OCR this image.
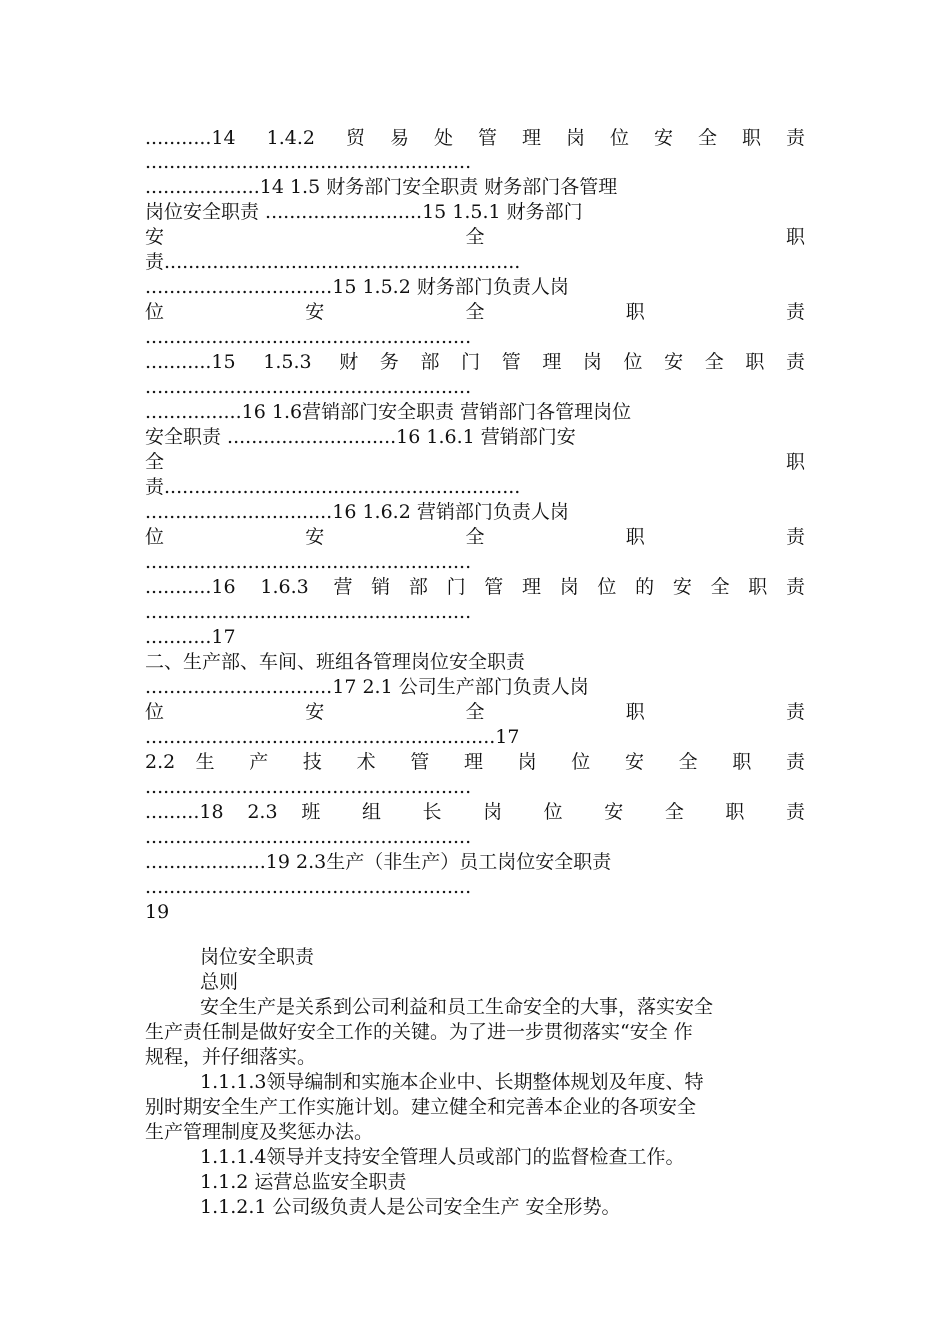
...........14 1.4.2 贸易处管理岗位安全职责
......................................................
...................14 1.5 财务部门安全职责 财务部门各管理
岗位安全职责 ..........................15 1.5.1 财务部门
安 全 职
责...........................................................
...............................15 1.5.2 财务部门负责人岗
位 安 全 职 责
......................................................
...........15 1.5.3 财务部门管理岗位安全职责
......................................................
................16 1.6营销部门安全职责 营销部门各管理岗位
安全职责 ............................16 1.6.1 营销部门安
全 职
责...........................................................
...............................16 1.6.2 营销部门负责人岗
位 安 全 职 责
......................................................
...........16 1.6.3 营销部门管理岗位的安全职责
......................................................
...........17
二、生产部、车间、班组各管理岗位安全职责
...............................17 2.1 公司生产部门负责人岗
位 安 全 职 责
..........................................................17
2.2 生 产 技 术 管 理 岗 位 安 全 职 责
......................................................
.........18 2.3 班 组 长 岗 位 安 全 职 责
......................................................
....................19 2.3生产（非生产）员工岗位安全职责
......................................................
19
岗位安全职责
总则
安全生产是关系到公司利益和员工生命安全的大事，落实安全
生产责任制是做好安全工作的关键。为了进一步贯彻落实“安全 作
规程，并仔细落实。
1.1.1.3领导编制和实施本企业中、长期整体规划及年度、特
别时期安全生产工作实施计划。建立健全和完善本企业的各项安全
生产管理制度及奖惩办法。
1.1.1.4领导并支持安全管理人员或部门的监督检查工作。
1.1.2 运营总监安全职责
1.1.2.1 公司级负责人是公司安全生产 安全形势。
